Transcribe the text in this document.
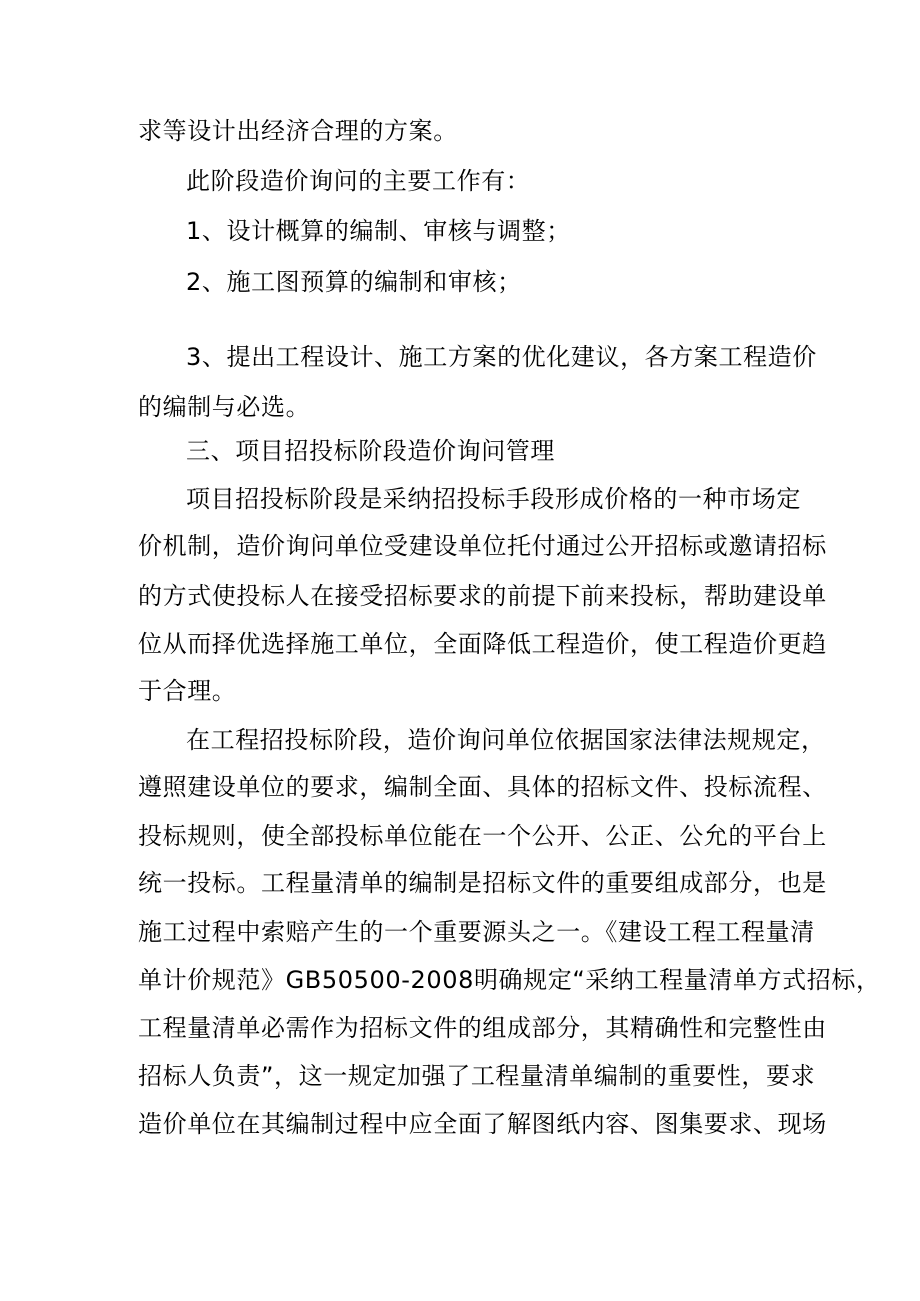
求等设计出经济合理的方案。
此阶段造价询问的主要工作有：
1、设计概算的编制、审核与调整；
2、施工图预算的编制和审核；
3、提出工程设计、施工方案的优化建议，各方案工程造价
的编制与必选。
三、项目招投标阶段造价询问管理
项目招投标阶段是采纳招投标手段形成价格的一种市场定
价机制，造价询问单位受建设单位托付通过公开招标或邀请招标
的方式使投标人在接受招标要求的前提下前来投标，帮助建设单
位从而择优选择施工单位，全面降低工程造价，使工程造价更趋
于合理。
在工程招投标阶段，造价询问单位依据国家法律法规规定，
遵照建设单位的要求，编制全面、具体的招标文件、投标流程、
投标规则，使全部投标单位能在一个公开、公正、公允的平台上
统一投标。工程量清单的编制是招标文件的重要组成部分，也是
施工过程中索赔产生的一个重要源头之一。《建设工程工程量清
单计价规范》GB50500-2008明确规定“采纳工程量清单方式招标，
工程量清单必需作为招标文件的组成部分，其精确性和完整性由
招标人负责”，这一规定加强了工程量清单编制的重要性，要求
造价单位在其编制过程中应全面了解图纸内容、图集要求、现场
